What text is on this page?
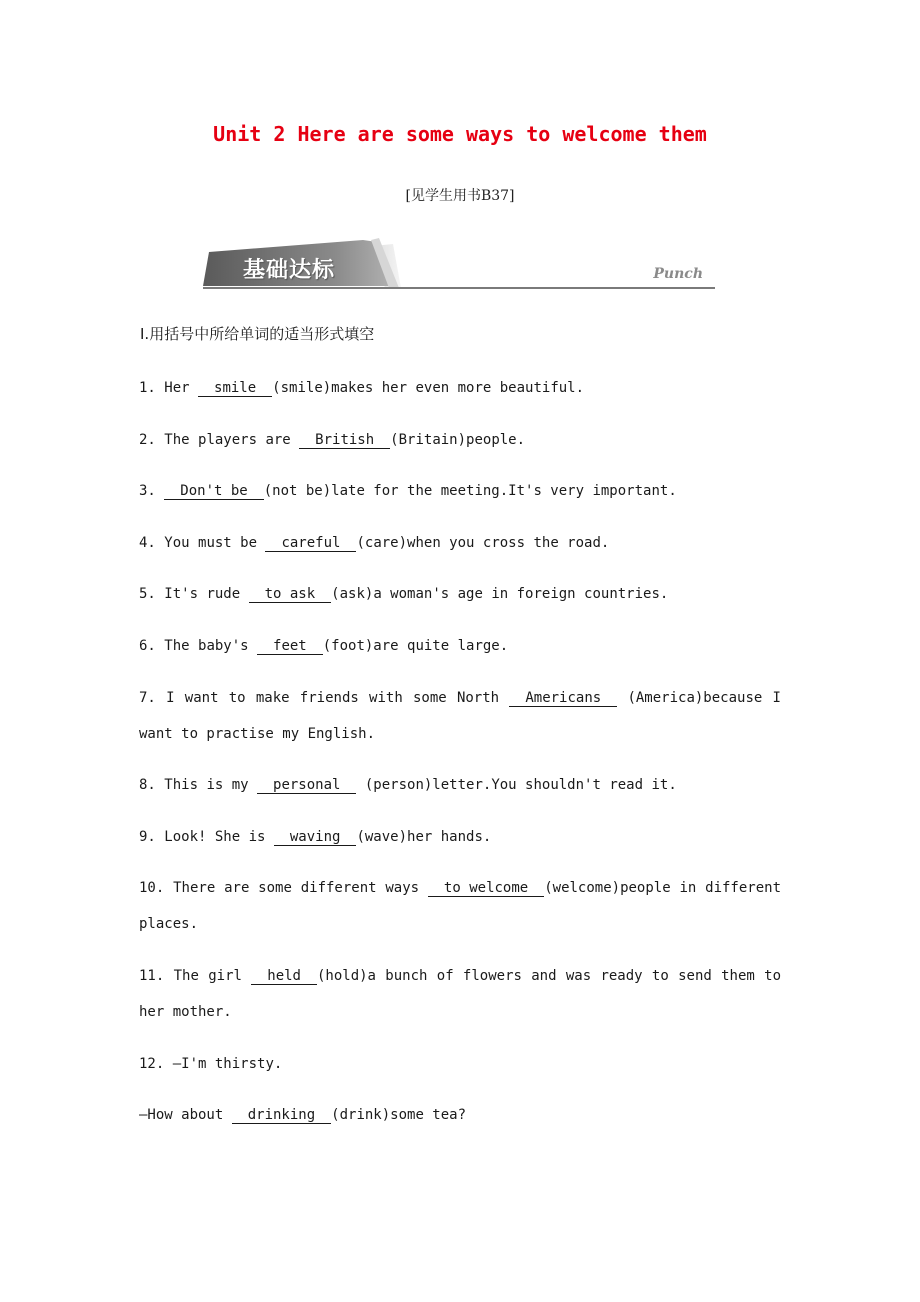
Unit 2 Here are some ways to welcome them
[见学生用书B37]
基础达标	Punch
Ⅰ.用括号中所给单词的适当形式填空
1. Her smile (smile)makes her even more beautiful.
2. The players are British (Britain)people.
3. Don't be (not be)late for the meeting.It's very important.
4. You must be careful (care)when you cross the road.
5. It's rude to ask (ask)a woman's age in foreign countries.
6. The baby's feet (foot)are quite large.
7. I want to make friends with some North Americans (America)because I want to practise my English.
8. This is my personal (person)letter.You shouldn't read it.
9. Look! She is waving (wave)her hands.
10. There are some different ways to welcome (welcome)people in different places.
11. The girl held (hold)a bunch of flowers and was ready to send them to her mother.
12. —I'm thirsty.
—How about drinking (drink)some tea?
